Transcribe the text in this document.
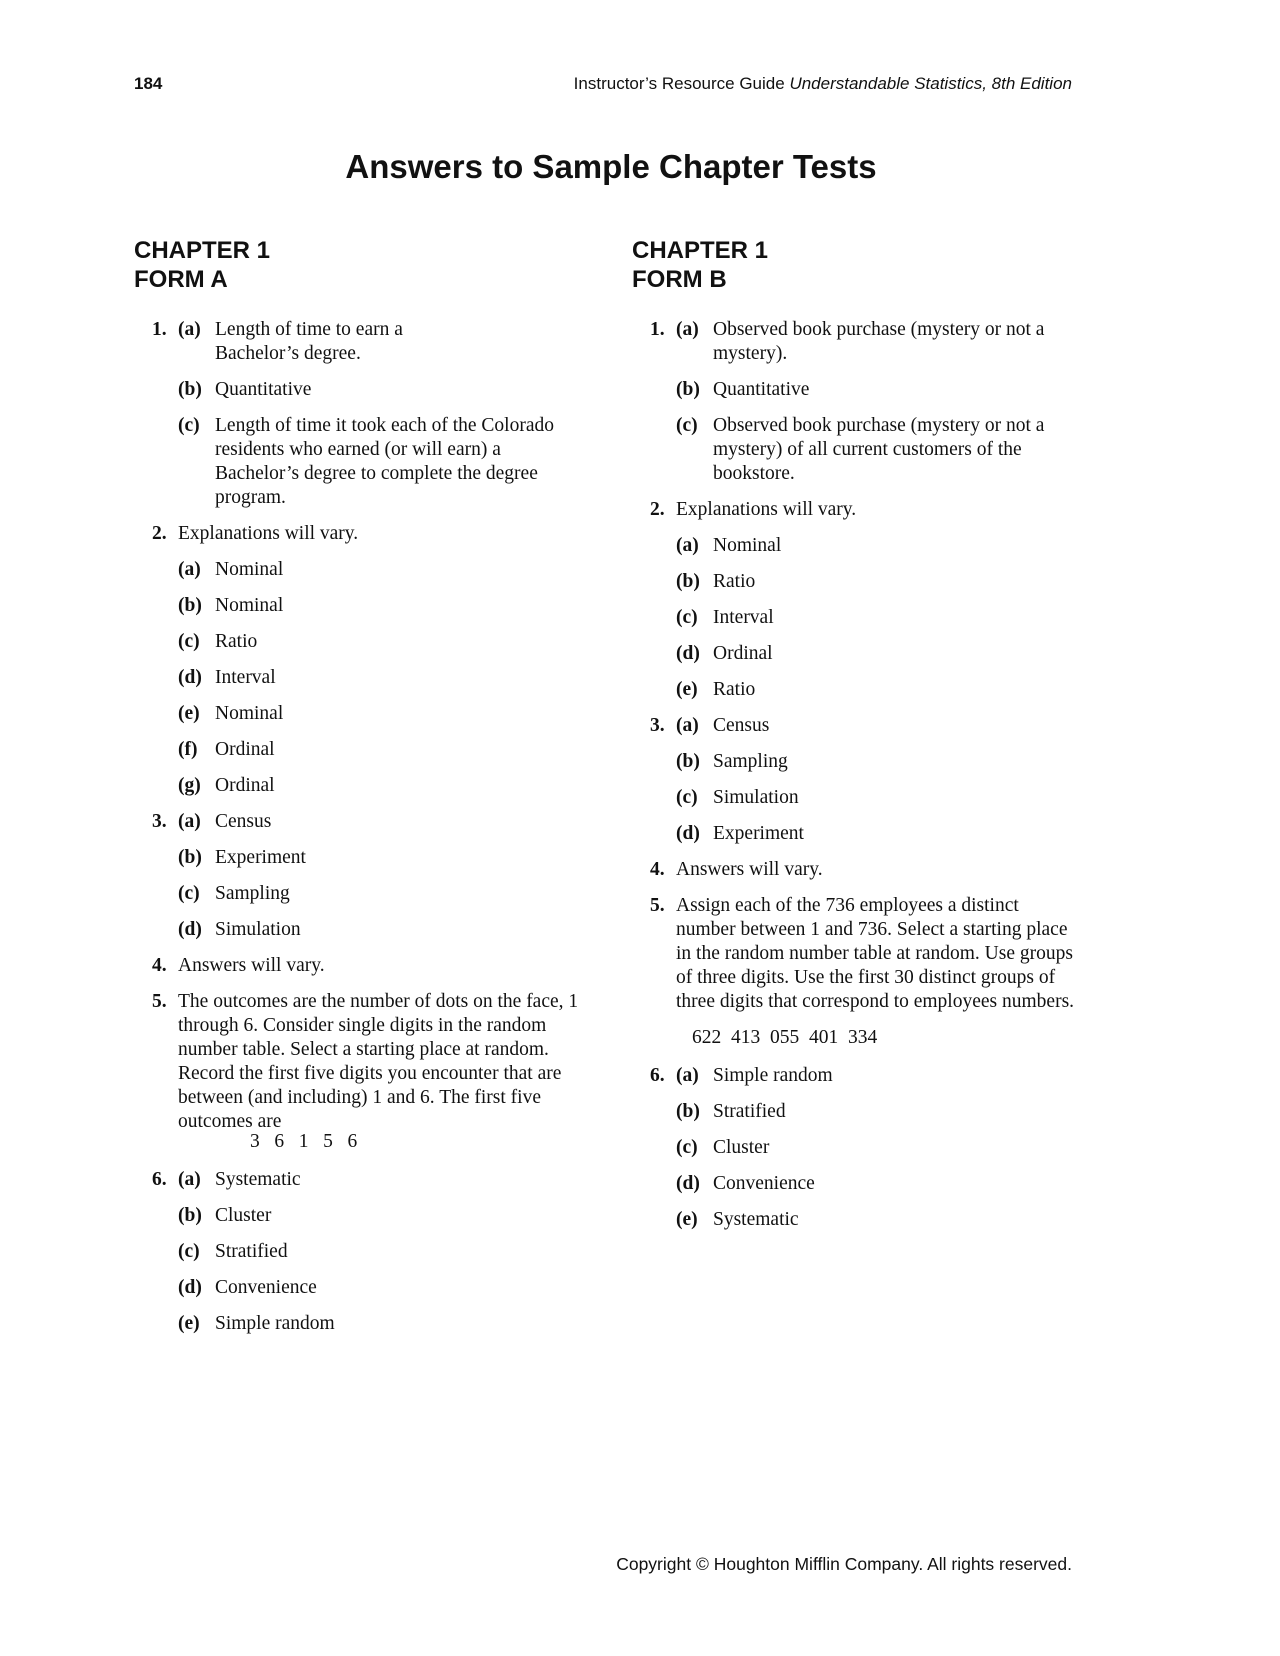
184	Instructor’s Resource Guide Understandable Statistics, 8th Edition
Answers to Sample Chapter Tests
CHAPTER 1
FORM A
1. (a) Length of time to earn a Bachelor’s degree.
(b) Quantitative
(c) Length of time it took each of the Colorado residents who earned (or will earn) a Bachelor’s degree to complete the degree program.
2. Explanations will vary.
(a) Nominal
(b) Nominal
(c) Ratio
(d) Interval
(e) Nominal
(f) Ordinal
(g) Ordinal
3. (a) Census
(b) Experiment
(c) Sampling
(d) Simulation
4. Answers will vary.
5. The outcomes are the number of dots on the face, 1 through 6. Consider single digits in the random number table. Select a starting place at random. Record the first five digits you encounter that are between (and including) 1 and 6. The first five outcomes are
3   6   1   5   6
6. (a) Systematic
(b) Cluster
(c) Stratified
(d) Convenience
(e) Simple random
CHAPTER 1
FORM B
1. (a) Observed book purchase (mystery or not a mystery).
(b) Quantitative
(c) Observed book purchase (mystery or not a mystery) of all current customers of the bookstore.
2. Explanations will vary.
(a) Nominal
(b) Ratio
(c) Interval
(d) Ordinal
(e) Ratio
3. (a) Census
(b) Sampling
(c) Simulation
(d) Experiment
4. Answers will vary.
5. Assign each of the 736 employees a distinct number between 1 and 736. Select a starting place in the random number table at random. Use groups of three digits. Use the first 30 distinct groups of three digits that correspond to employees numbers.
622  413  055  401  334
6. (a) Simple random
(b) Stratified
(c) Cluster
(d) Convenience
(e) Systematic
Copyright © Houghton Mifflin Company. All rights reserved.
